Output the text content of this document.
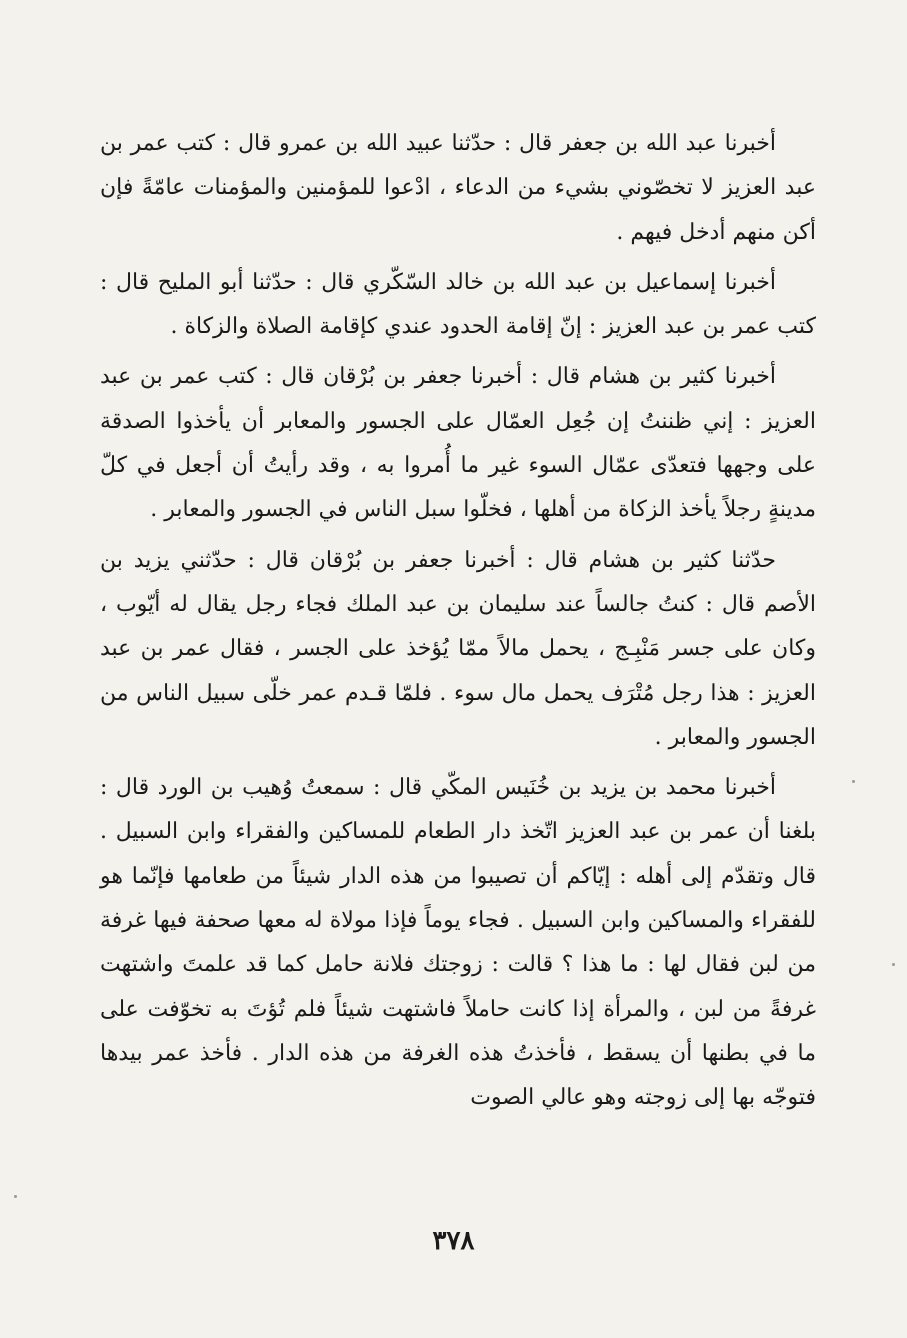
أخبرنا عبد الله بن جعفر قال : حدّثنا عبيد الله بن عمرو قال : كتب عمر بن عبد العزيز لا تخصّوني بشيء من الدعاء ، ادْعوا للمؤمنين والمؤمنات عامّةً فإن أكن منهم أدخل فيهم .

أخبرنا إسماعيل بن عبد الله بن خالد السّكّري قال : حدّثنا أبو المليح قال : كتب عمر بن عبد العزيز : إنّ إقامة الحدود عندي كإقامة الصلاة والزكاة .

أخبرنا كثير بن هشام قال : أخبرنا جعفر بن بُرْقان قال : كتب عمر بن عبد العزيز : إني ظننتُ إن جُعِل العمّال على الجسور والمعابر أن يأخذوا الصدقة على وجهها فتعدّى عمّال السوء غير ما أُمروا به ، وقد رأيتُ أن أجعل في كلّ مدينةٍ رجلاً يأخذ الزكاة من أهلها ، فخلّوا سبل الناس في الجسور والمعابر .

حدّثنا كثير بن هشام قال : أخبرنا جعفر بن بُرْقان قال : حدّثني يزيد بن الأصم قال : كنتُ جالساً عند سليمان بن عبد الملك فجاء رجل يقال له أيّوب ، وكان على جسر مَنْبِـج ، يحمل مالاً ممّا يُؤخذ على الجسر ، فقال عمر بن عبد العزيز : هذا رجل مُتْرَف يحمل مال سوء . فلمّا قـدم عمر خلّى سبيل الناس من الجسور والمعابر .

أخبرنا محمد بن يزيد بن خُنَيس المكّي قال : سمعتُ وُهيب بن الورد قال : بلغنا أن عمر بن عبد العزيز اتّخذ دار الطعام للمساكين والفقراء وابن السبيل . قال وتقدّم إلى أهله : إيّاكم أن تصيبوا من هذه الدار شيئاً من طعامها فإنّما هو للفقراء والمساكين وابن السبيل . فجاء يوماً فإذا مولاة له معها صحفة فيها غرفة من لبن فقال لها : ما هذا ؟ قالت : زوجتك فلانة حامل كما قد علمتَ واشتهت غرفةً من لبن ، والمرأة إذا كانت حاملاً فاشتهت شيئاً فلم تُؤتَ به تخوّفت على ما في بطنها أن يسقط ، فأخذتُ هذه الغرفة من هذه الدار . فأخذ عمر بيدها فتوجّه بها إلى زوجته وهو عالي الصوت

٣٧٨
